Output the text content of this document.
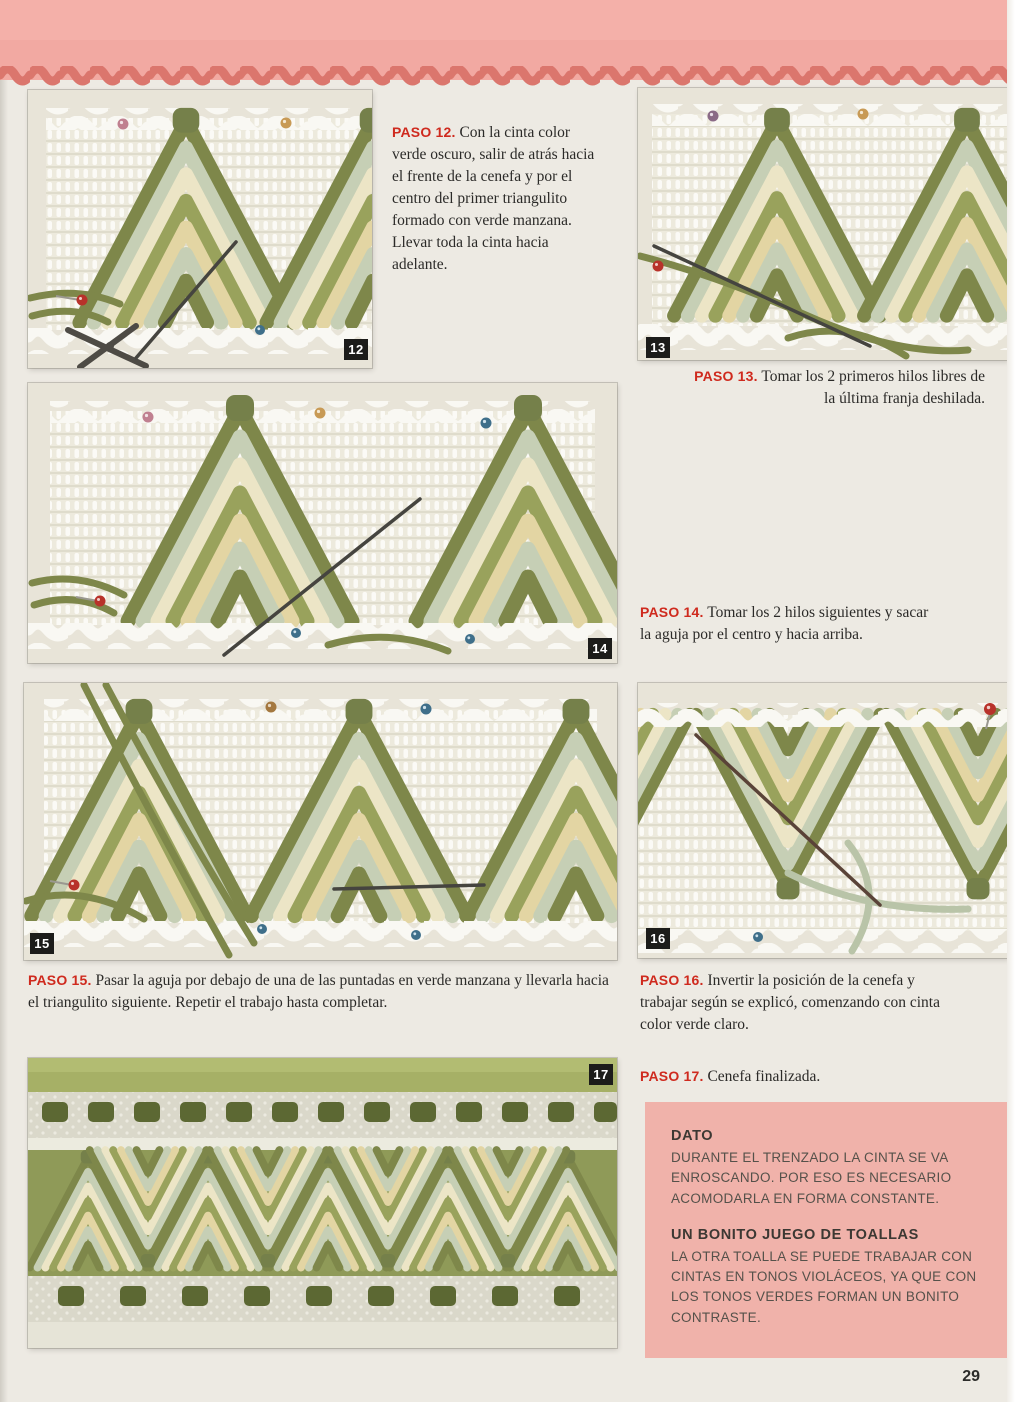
12
PASO 12. Con la cinta color verde oscuro, salir de atrás hacia el frente de la cenefa y por el centro del primer triangulito formado con verde manzana. Llevar toda la cinta hacia adelante.
13
PASO 13. Tomar los 2 primeros hilos libres de la última franja deshilada.
14
PASO 14. Tomar los 2 hilos siguientes y sacar la aguja por el centro y hacia arriba.
15
PASO 15. Pasar la aguja por debajo de una de las puntadas en verde manzana y llevarla hacia el triangulito siguiente. Repetir el trabajo hasta completar.
16
PASO 16. Invertir la posición de la cenefa y trabajar según se explicó, comenzando con cinta color verde claro.
PASO 17. Cenefa finalizada.
17
DATO

DURANTE EL TRENZADO LA CINTA SE VA ENROSCANDO. POR ESO ES NECESARIO ACOMODARLA EN FORMA CONSTANTE.

UN BONITO JUEGO DE TOALLAS

LA OTRA TOALLA SE PUEDE TRABAJAR CON CINTAS EN TONOS VIOLÁCEOS, YA QUE CON LOS TONOS VERDES FORMAN UN BONITO CONTRASTE.

29
